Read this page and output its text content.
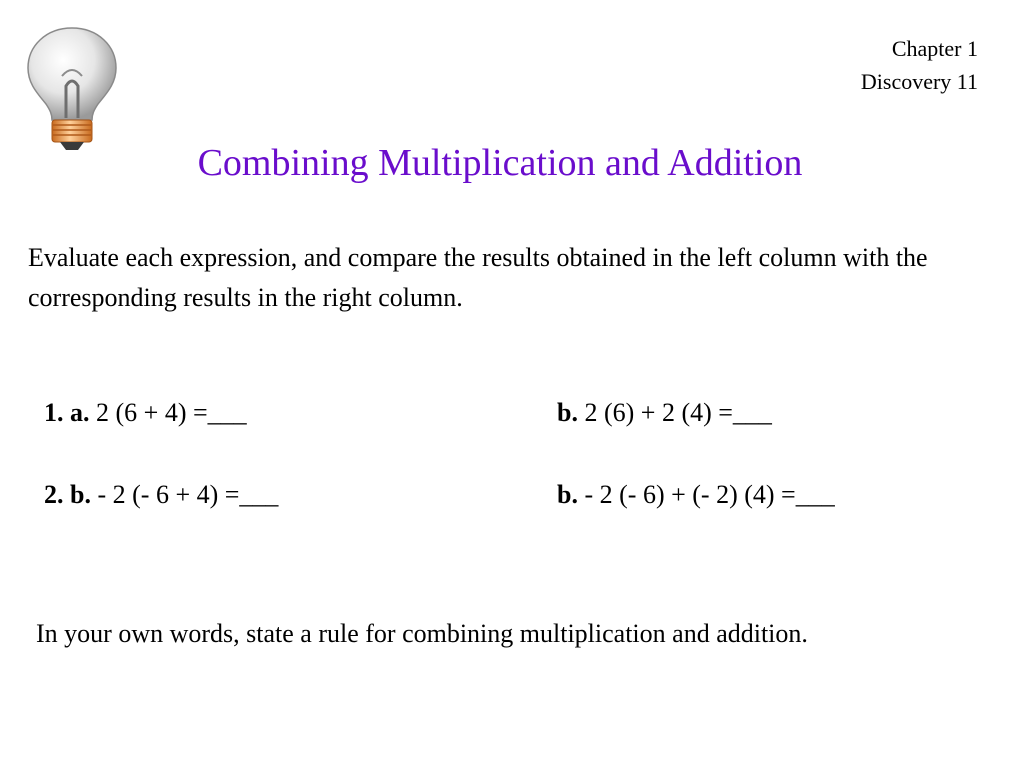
Chapter 1
Discovery 11
Combining Multiplication and Addition
Evaluate each expression, and compare the results obtained in the left column with the corresponding results in the right column.
1. a. 2 (6 + 4) =___	b. 2 (6) + 2 (4) =___
2. b. - 2 (- 6 + 4) =___	b. - 2 (- 6) + (- 2) (4) =___
In your own words, state a rule for combining multiplication and addition.
